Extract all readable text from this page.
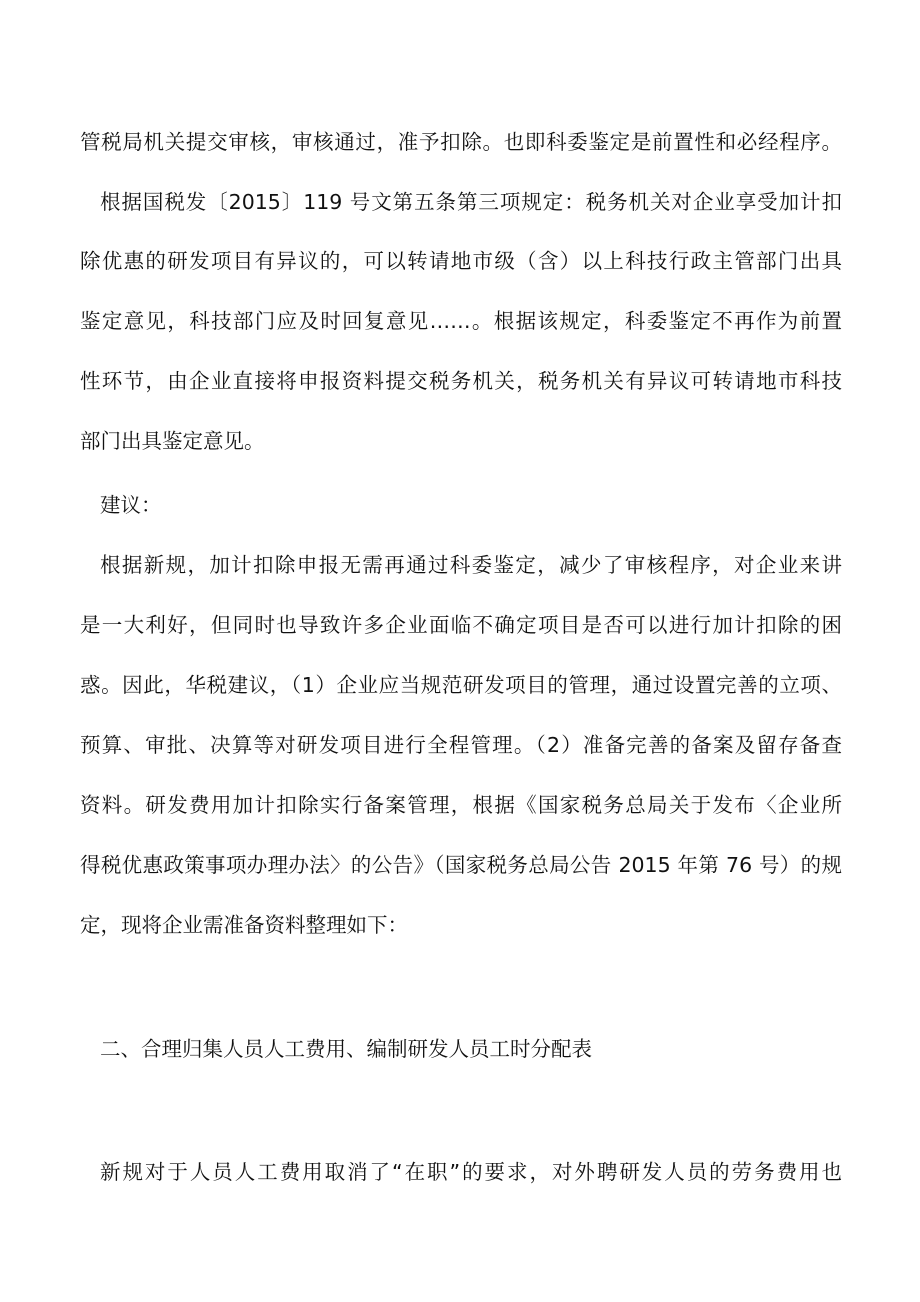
管税局机关提交审核，审核通过，准予扣除。也即科委鉴定是前置性和必经程序。
根据国税发〔2015〕119 号文第五条第三项规定：税务机关对企业享受加计扣
除优惠的研发项目有异议的，可以转请地市级（含）以上科技行政主管部门出具
鉴定意见，科技部门应及时回复意见……。根据该规定，科委鉴定不再作为前置
性环节，由企业直接将申报资料提交税务机关，税务机关有异议可转请地市科技
部门出具鉴定意见。
建议：
根据新规，加计扣除申报无需再通过科委鉴定，减少了审核程序，对企业来讲
是一大利好，但同时也导致许多企业面临不确定项目是否可以进行加计扣除的困
惑。因此，华税建议，（1）企业应当规范研发项目的管理，通过设置完善的立项、
预算、审批、决算等对研发项目进行全程管理。（2）准备完善的备案及留存备查
资料。研发费用加计扣除实行备案管理，根据《国家税务总局关于发布〈企业所
得税优惠政策事项办理办法〉的公告》（国家税务总局公告 2015 年第 76 号）的规
定，现将企业需准备资料整理如下：
二、合理归集人员人工费用、编制研发人员工时分配表
新规对于人员人工费用取消了“在职”的要求，对外聘研发人员的劳务费用也
